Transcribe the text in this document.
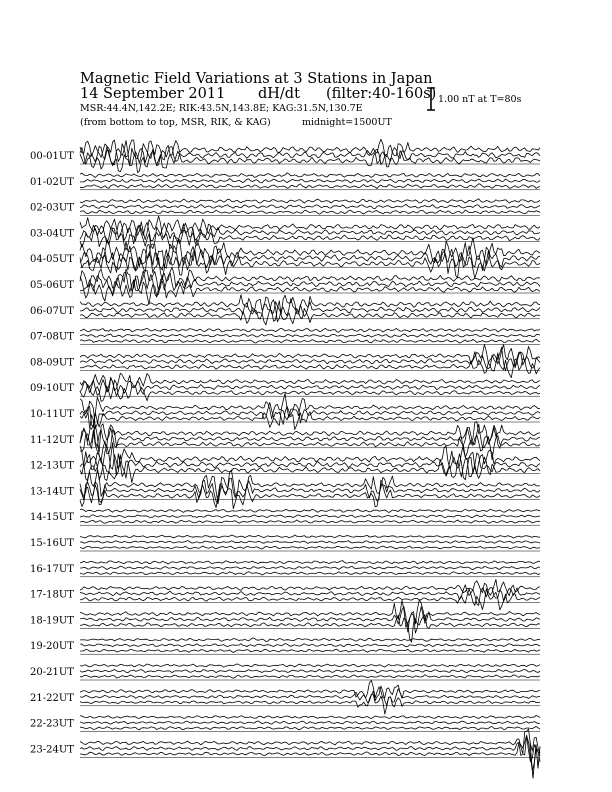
Magnetic Field Variations at 3 Stations in Japan
14 September 2011 dH/dt (filter:40-160s)
MSR:44.4N,142.2E; RIK:43.5N,143.8E; KAG:31.5N,130.7E
(from bottom to top, MSR, RIK, & KAG)	midnight=1500UT
1.00 nT at T=80s
00-01UT
01-02UT
02-03UT
03-04UT
04-05UT
05-06UT
06-07UT
07-08UT
08-09UT
09-10UT
10-11UT
11-12UT
12-13UT
13-14UT
14-15UT
15-16UT
16-17UT
17-18UT
18-19UT
19-20UT
20-21UT
21-22UT
22-23UT
23-24UT
